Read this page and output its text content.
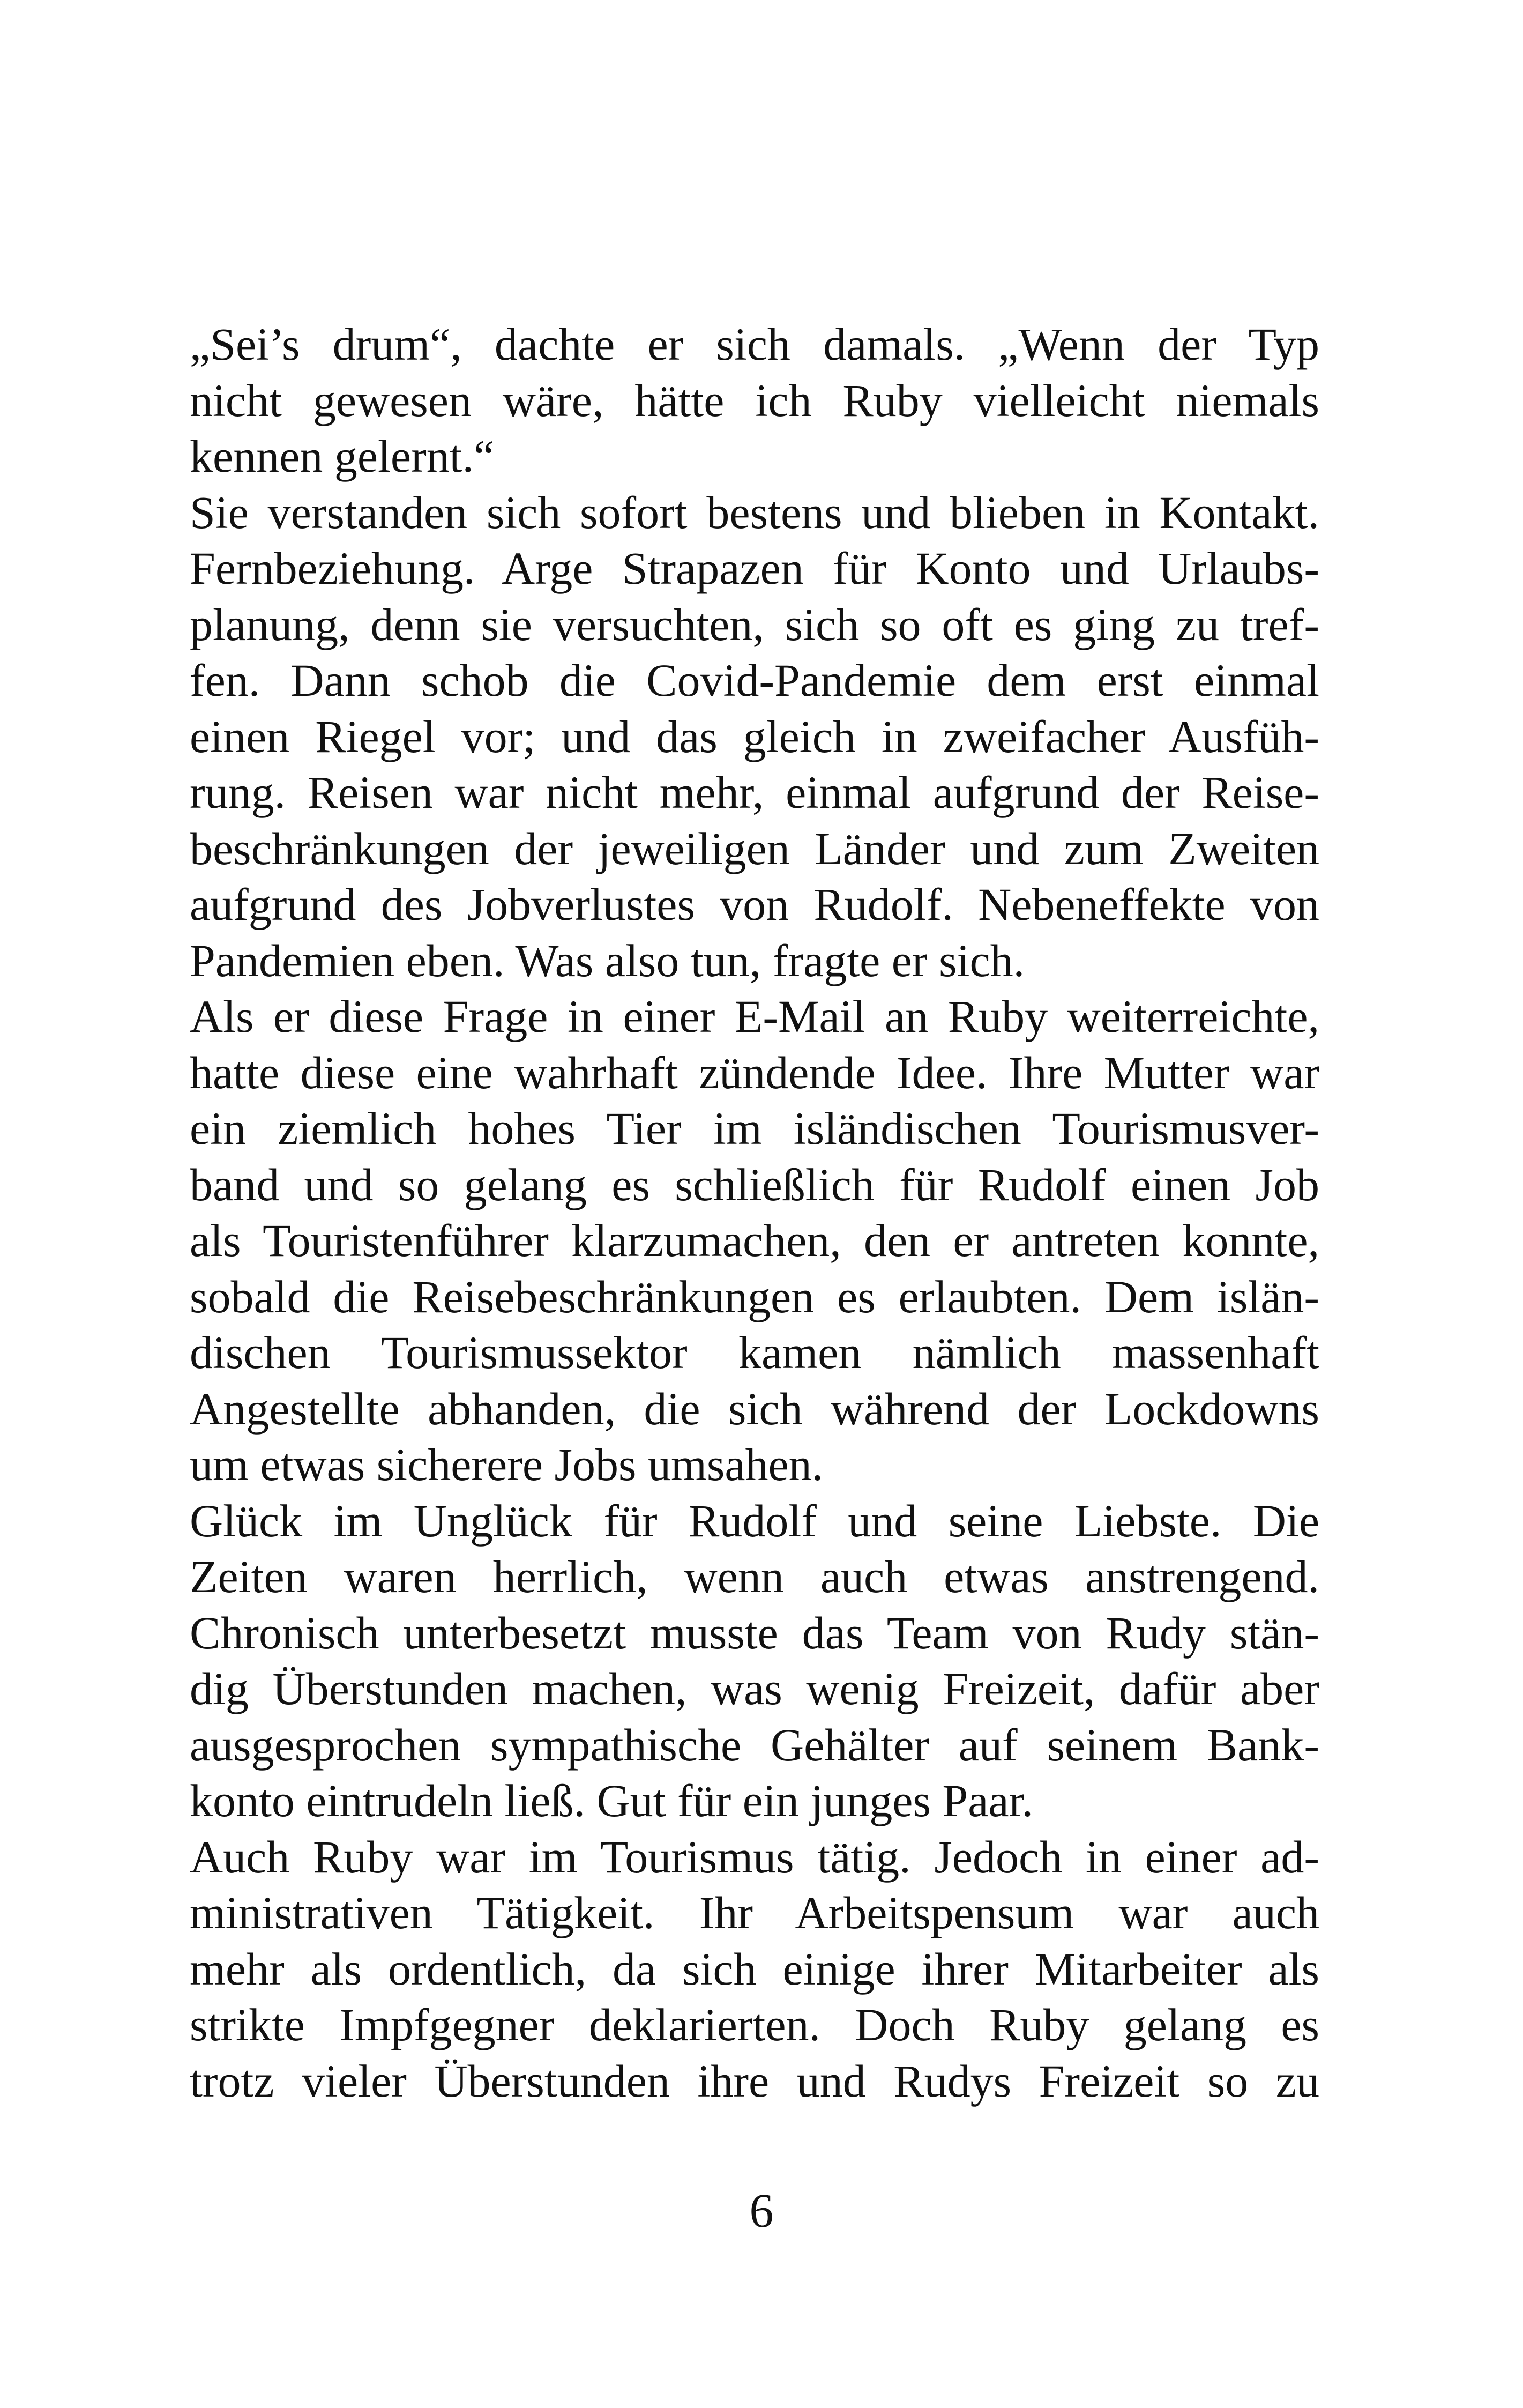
„Sei’s drum“, dachte er sich damals. „Wenn der Typ
nicht gewesen wäre, hätte ich Ruby vielleicht niemals
kennen gelernt.“
Sie verstanden sich sofort bestens und blieben in Kontakt.
Fernbeziehung. Arge Strapazen für Konto und Urlaubs-
planung, denn sie versuchten, sich so oft es ging zu tref-
fen. Dann schob die Covid-Pandemie dem erst einmal
einen Riegel vor; und das gleich in zweifacher Ausfüh-
rung. Reisen war nicht mehr, einmal aufgrund der Reise-
beschränkungen der jeweiligen Länder und zum Zweiten
aufgrund des Jobverlustes von Rudolf. Nebeneffekte von
Pandemien eben. Was also tun, fragte er sich.
Als er diese Frage in einer E-Mail an Ruby weiterreichte,
hatte diese eine wahrhaft zündende Idee. Ihre Mutter war
ein ziemlich hohes Tier im isländischen Tourismusver-
band und so gelang es schließlich für Rudolf einen Job
als Touristenführer klarzumachen, den er antreten konnte,
sobald die Reisebeschränkungen es erlaubten. Dem islän-
dischen Tourismussektor kamen nämlich massenhaft
Angestellte abhanden, die sich während der Lockdowns
um etwas sicherere Jobs umsahen.
Glück im Unglück für Rudolf und seine Liebste. Die
Zeiten waren herrlich, wenn auch etwas anstrengend.
Chronisch unterbesetzt musste das Team von Rudy stän-
dig Überstunden machen, was wenig Freizeit, dafür aber
ausgesprochen sympathische Gehälter auf seinem Bank-
konto eintrudeln ließ. Gut für ein junges Paar.
Auch Ruby war im Tourismus tätig. Jedoch in einer ad-
ministrativen Tätigkeit. Ihr Arbeitspensum war auch
mehr als ordentlich, da sich einige ihrer Mitarbeiter als
strikte Impfgegner deklarierten. Doch Ruby gelang es
trotz vieler Überstunden ihre und Rudys Freizeit so zu
6
